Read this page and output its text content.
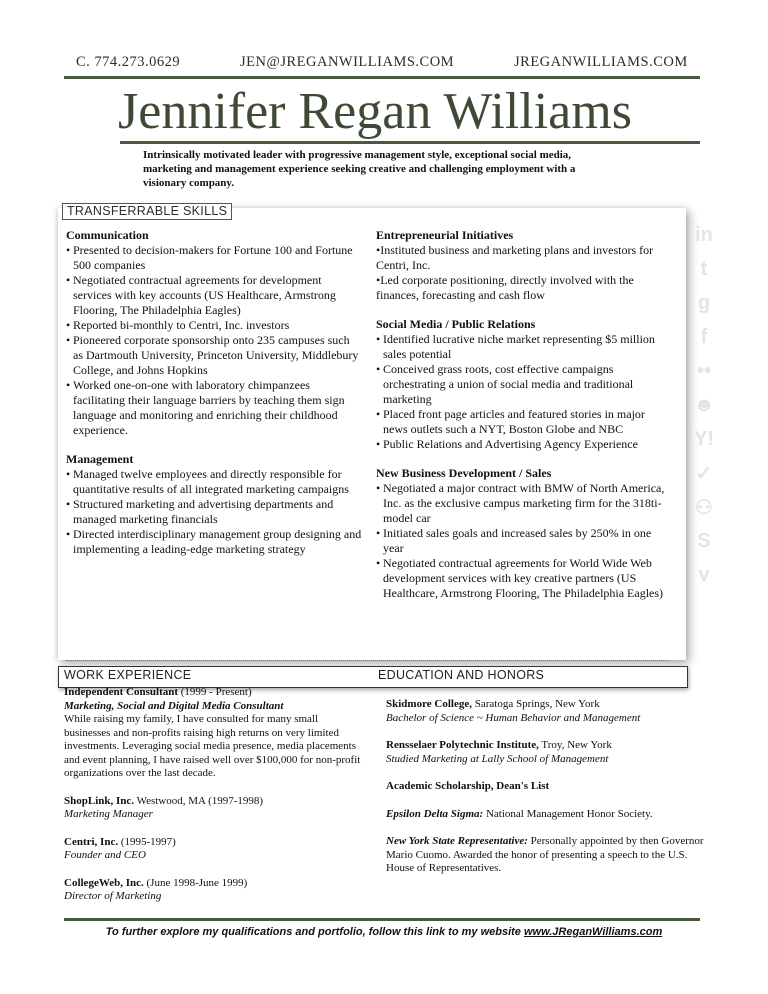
C. 774.273.0629	JEN@JREGANWILLIAMS.COM	JREGANWILLIAMS.COM
Jennifer Regan Williams
Intrinsically motivated leader with progressive management style, exceptional social media, marketing and management experience seeking creative and challenging employment with a visionary company.
TRANSFERRABLE SKILLS
Communication
• Presented to decision-makers for Fortune 100 and Fortune 500 companies
• Negotiated contractual agreements for development services with key accounts (US Healthcare, Armstrong Flooring, The Philadelphia Eagles)
• Reported bi-monthly to Centri, Inc. investors
• Pioneered corporate sponsorship onto 235 campuses such as Dartmouth University, Princeton University, Middlebury College, and Johns Hopkins
• Worked one-on-one with laboratory chimpanzees facilitating their language barriers by teaching them sign language and monitoring and enriching their childhood experience.
Management
• Managed twelve employees and directly responsible for quantitative results of all integrated marketing campaigns
• Structured marketing and advertising departments and managed marketing financials
• Directed interdisciplinary management group designing and implementing a leading-edge marketing strategy
Entrepreneurial Initiatives
•Instituted business and marketing plans and investors for Centri, Inc.
•Led corporate positioning, directly involved with the finances, forecasting and cash flow
Social Media / Public Relations
• Identified lucrative niche market representing $5 million sales potential
• Conceived grass roots, cost effective campaigns orchestrating a union of social media and traditional marketing
• Placed front page articles and featured stories in major news outlets such a NYT, Boston Globe and NBC
• Public Relations and Advertising Agency Experience
New Business Development / Sales
• Negotiated a major contract with BMW of North America, Inc. as the exclusive campus marketing firm for the 318ti-model car
• Initiated sales goals and increased sales by 250% in one year
• Negotiated contractual agreements for World Wide Web development services with key creative partners (US Healthcare, Armstrong Flooring, The Philadelphia Eagles)
in
t
g
f
••
☻
Y!
✓
⚇
S
v
WORK EXPERIENCE	EDUCATION AND HONORS
Independent Consultant (1999 - Present)
Marketing, Social and Digital Media Consultant
While raising my family, I have consulted for many small businesses and non-profits raising high returns on very limited investments. Leveraging social media presence, media placements and event planning, I have raised well over $100,000 for non-profit organizations over the last decade.
ShopLink, Inc. Westwood, MA (1997-1998)
Marketing Manager
Centri, Inc. (1995-1997)
Founder and CEO
CollegeWeb, Inc. (June 1998-June 1999)
Director of Marketing
Skidmore College, Saratoga Springs, New York
Bachelor of Science ~ Human Behavior and Management
Rensselaer Polytechnic Institute, Troy, New York
Studied Marketing at Lally School of Management
Academic Scholarship, Dean's List
Epsilon Delta Sigma: National Management Honor Society.
New York State Representative: Personally appointed by then Governor Mario Cuomo. Awarded the honor of presenting a speech to the U.S. House of Representatives.
To further explore my qualifications and portfolio, follow this link to my website www.JReganWilliams.com
